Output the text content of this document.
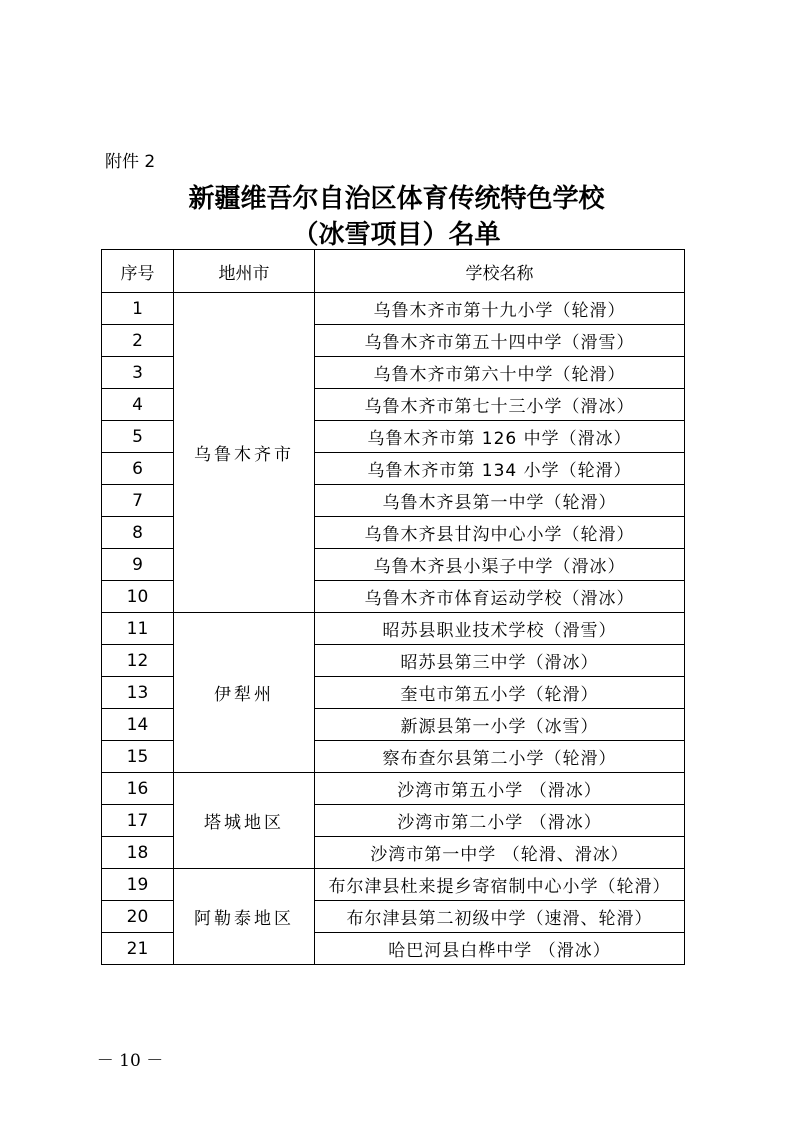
附件 2
新疆维吾尔自治区体育传统特色学校
（冰雪项目）名单
序号	地州市	学校名称
1	乌鲁木齐市	乌鲁木齐市第十九小学（轮滑）
2		乌鲁木齐市第五十四中学（滑雪）
3		乌鲁木齐市第六十中学（轮滑）
4		乌鲁木齐市第七十三小学（滑冰）
5		乌鲁木齐市第 126 中学（滑冰）
6		乌鲁木齐市第 134 小学（轮滑）
7		乌鲁木齐县第一中学（轮滑）
8		乌鲁木齐县甘沟中心小学（轮滑）
9		乌鲁木齐县小渠子中学（滑冰）
10		乌鲁木齐市体育运动学校（滑冰）
11	伊犁州	昭苏县职业技术学校（滑雪）
12		昭苏县第三中学（滑冰）
13		奎屯市第五小学（轮滑）
14		新源县第一小学（冰雪）
15		察布查尔县第二小学（轮滑）
16	塔城地区	沙湾市第五小学 （滑冰）
17		沙湾市第二小学 （滑冰）
18		沙湾市第一中学 （轮滑、滑冰）
19	阿勒泰地区	布尔津县杜来提乡寄宿制中心小学（轮滑）
20		布尔津县第二初级中学（速滑、轮滑）
21		哈巴河县白桦中学 （滑冰）
－ 10 －
